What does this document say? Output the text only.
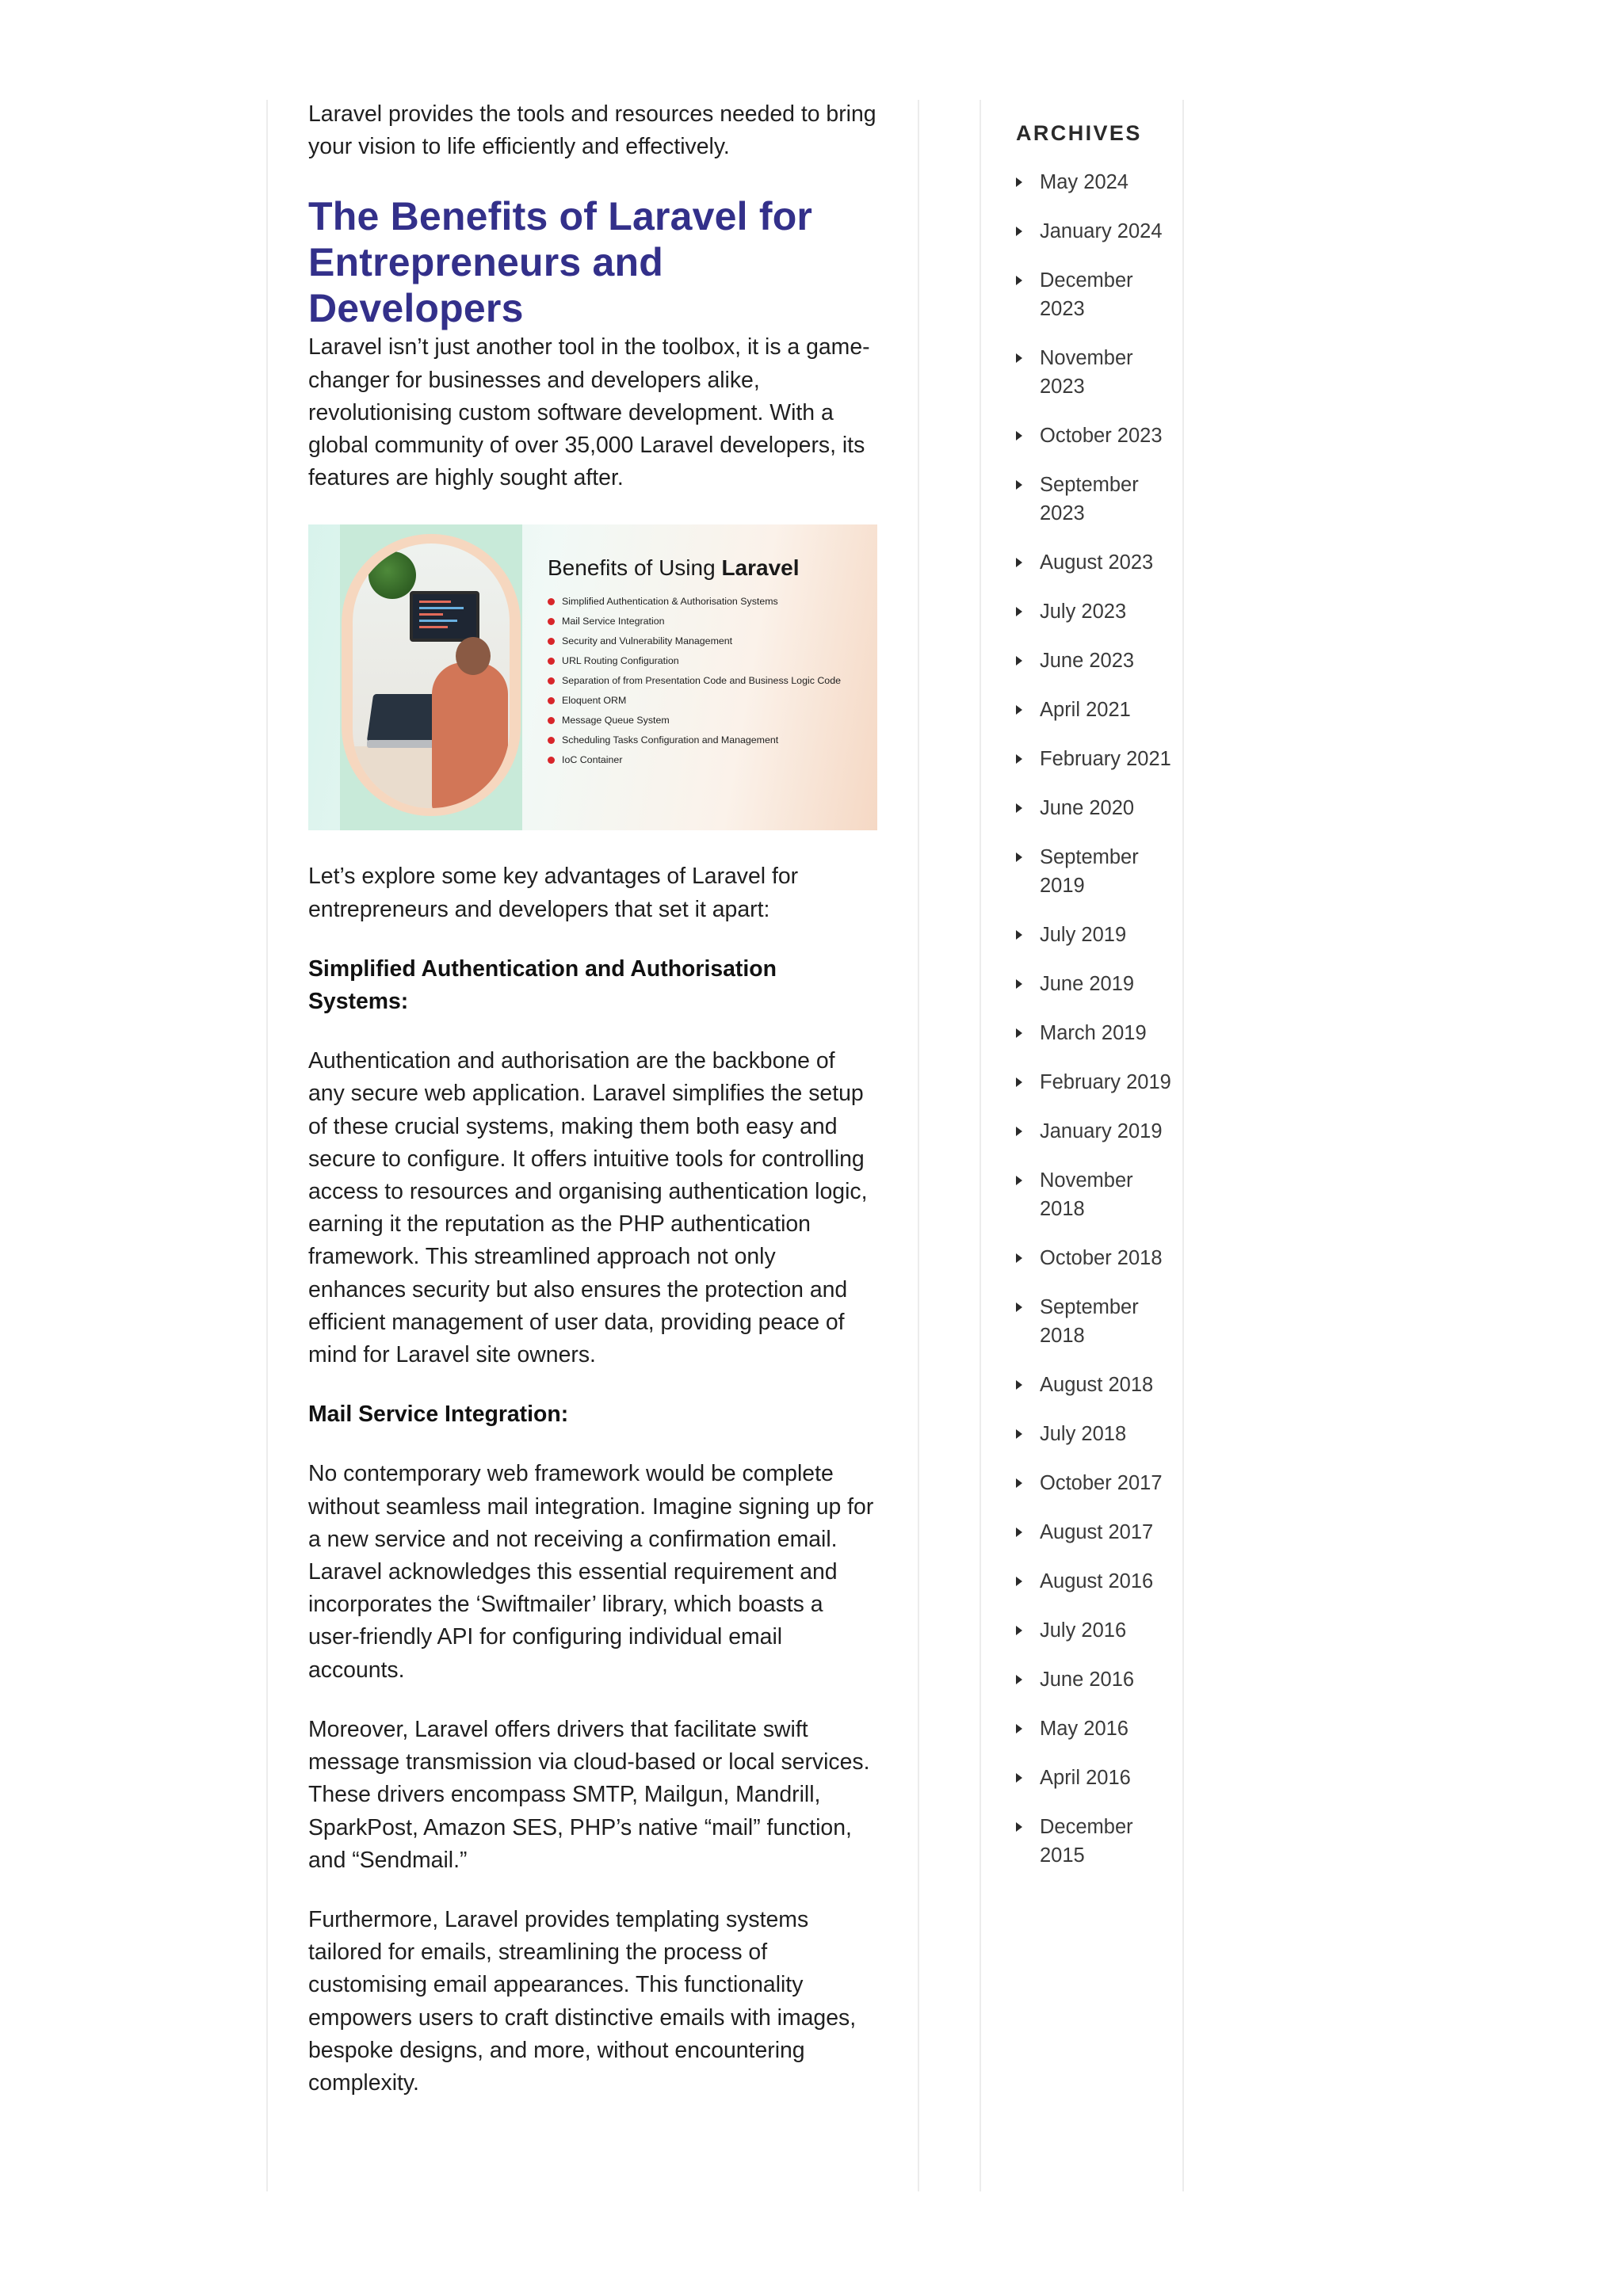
Laravel provides the tools and resources needed to bring your vision to life efficiently and effectively.

The Benefits of Laravel for Entrepreneurs and Developers

Laravel isn’t just another tool in the toolbox, it is a game-changer for businesses and developers alike, revolutionising custom software development. With a global community of over 35,000 Laravel developers, its features are highly sought after.

Benefits of Using Laravel
Simplified Authentication & Authorisation Systems
Mail Service Integration
Security and Vulnerability Management
URL Routing Configuration
Separation of from Presentation Code and Business Logic Code
Eloquent ORM
Message Queue System
Scheduling Tasks Configuration and Management
IoC Container

Let’s explore some key advantages of Laravel for entrepreneurs and developers that set it apart:

Simplified Authentication and Authorisation Systems:

Authentication and authorisation are the backbone of any secure web application. Laravel simplifies the setup of these crucial systems, making them both easy and secure to configure. It offers intuitive tools for controlling access to resources and organising authentication logic, earning it the reputation as the PHP authentication framework. This streamlined approach not only enhances security but also ensures the protection and efficient management of user data, providing peace of mind for Laravel site owners.

Mail Service Integration:

No contemporary web framework would be complete without seamless mail integration. Imagine signing up for a new service and not receiving a confirmation email. Laravel acknowledges this essential requirement and incorporates the ‘Swiftmailer’ library, which boasts a user-friendly API for configuring individual email accounts.

Moreover, Laravel offers drivers that facilitate swift message transmission via cloud-based or local services. These drivers encompass SMTP, Mailgun, Mandrill, SparkPost, Amazon SES, PHP’s native “mail” function, and “Sendmail.”

Furthermore, Laravel provides templating systems tailored for emails, streamlining the process of customising email appearances. This functionality empowers users to craft distinctive emails with images, bespoke designs, and more, without encountering complexity.

ARCHIVES
May 2024
January 2024
December 2023
November 2023
October 2023
September 2023
August 2023
July 2023
June 2023
April 2021
February 2021
June 2020
September 2019
July 2019
June 2019
March 2019
February 2019
January 2019
November 2018
October 2018
September 2018
August 2018
July 2018
October 2017
August 2017
August 2016
July 2016
June 2016
May 2016
April 2016
December 2015
